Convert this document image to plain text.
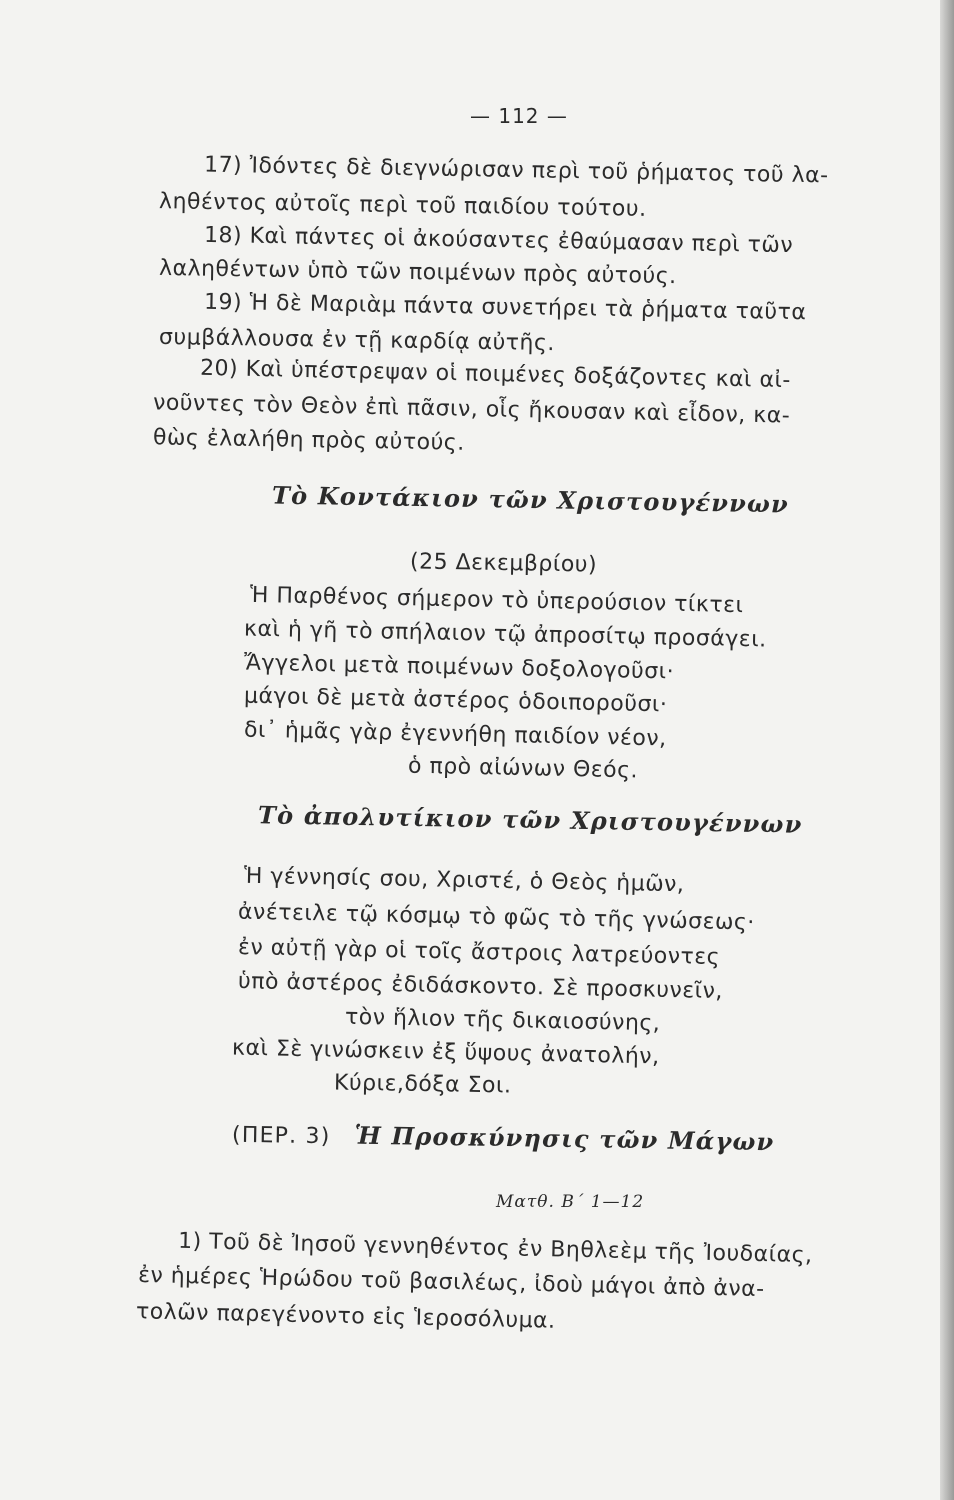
— 112 —

17) Ἰδόντες δὲ διεγνώρισαν περὶ τοῦ ῥήματος τοῦ λα-

ληθέντος αὐτοῖς περὶ τοῦ παιδίου τούτου.

18) Καὶ πάντες οἱ ἀκούσαντες ἐθαύμασαν περὶ τῶν

λαληθέντων ὑπὸ τῶν ποιμένων πρὸς αὐτούς.

19) Ἡ δὲ Μαριὰμ πάντα συνετήρει τὰ ῥήματα ταῦτα

συμβάλλουσα ἐν τῇ καρδίᾳ αὐτῆς.

20) Καὶ ὑπέστρεψαν οἱ ποιμένες δοξάζοντες καὶ αἰ-

νοῦντες τὸν Θεὸν ἐπὶ πᾶσιν, οἷς ἤκουσαν καὶ εἶδον, κα-

θὼς ἐλαλήθη πρὸς αὐτούς.

Τὸ Κοντάκιον τῶν Χριστουγέννων

(25 Δεκεμβρίου)

Ἡ Παρθένος σήμερον τὸ ὑπερούσιον τίκτει

καὶ ἡ γῆ τὸ σπήλαιον τῷ ἀπροσίτῳ προσάγει.

Ἄγγελοι μετὰ ποιμένων δοξολογοῦσι·

μάγοι δὲ μετὰ ἀστέρος ὁδοιποροῦσι·

δι᾽ ἡμᾶς γὰρ ἐγεννήθη παιδίον νέον,

ὁ πρὸ αἰώνων Θεός.

Τὸ ἀπολυτίκιον τῶν Χριστουγέννων

Ἡ γέννησίς σου, Χριστέ, ὁ Θεὸς ἡμῶν,

ἀνέτειλε τῷ κόσμῳ τὸ φῶς τὸ τῆς γνώσεως·

ἐν αὐτῇ γὰρ οἱ τοῖς ἄστροις λατρεύοντες

ὑπὸ ἀστέρος ἐδιδάσκοντο. Σὲ προσκυνεῖν,

τὸν ἥλιον τῆς δικαιοσύνης,

καὶ Σὲ γινώσκειν ἐξ ὕψους ἀνατολήν,

Κύριε,δόξα Σοι.

(ΠΕΡ. 3) Ἡ Προσκύνησις τῶν Μάγων
Ματθ. Β΄ 1—12

1) Τοῦ δὲ Ἰησοῦ γεννηθέντος ἐν Βηθλεὲμ τῆς Ἰουδαίας,

ἐν ἡμέρες Ἡρώδου τοῦ βασιλέως, ἰδοὺ μάγοι ἀπὸ ἀνα-

τολῶν παρεγένοντο εἰς Ἱεροσόλυμα.
